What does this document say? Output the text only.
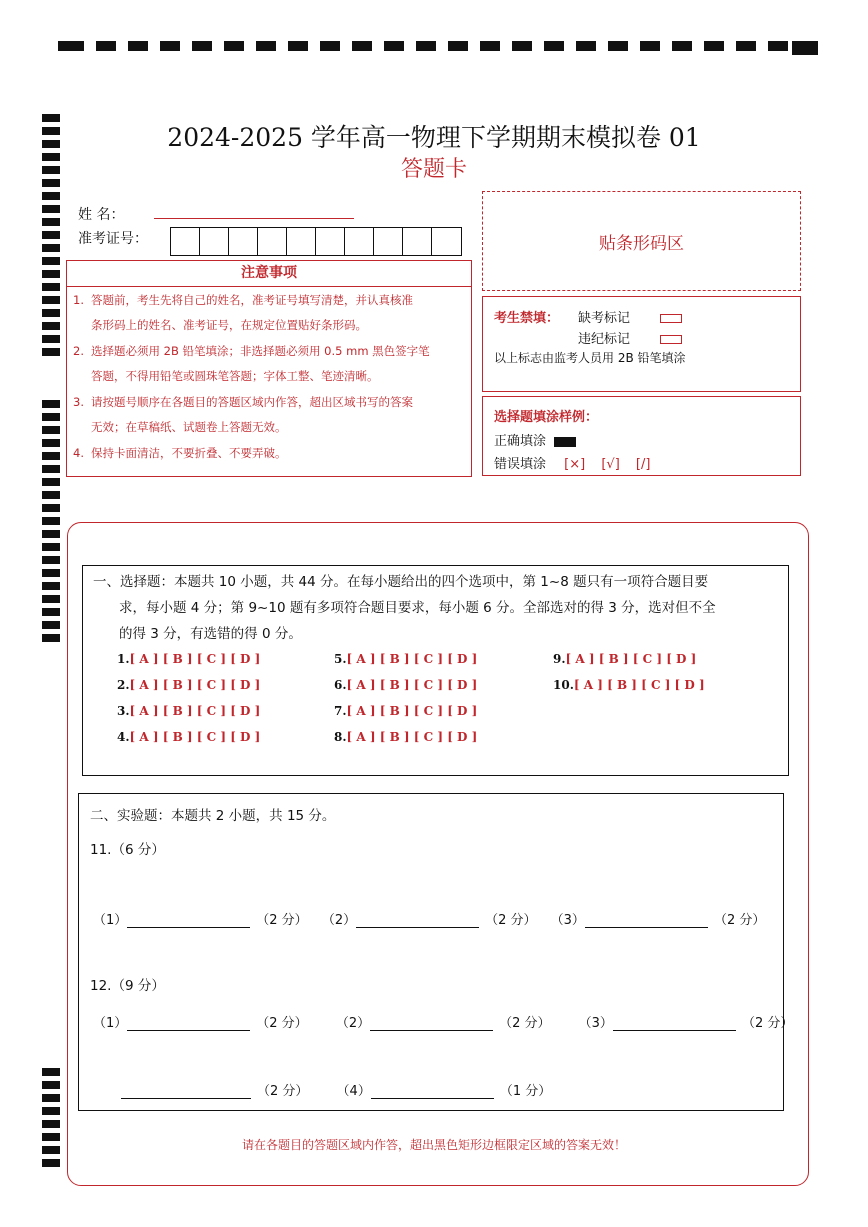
2024-2025 学年高一物理下学期期末模拟卷 01
答题卡
姓 名：
准考证号：	贴条形码区
注意事项
1. 答题前，考生先将自己的姓名，准考证号填写清楚，并认真核准
条形码上的姓名、准考证号，在规定位置贴好条形码。
2. 选择题必须用 2B 铅笔填涂；非选择题必须用 0.5 mm 黑色签字笔
答题，不得用铅笔或圆珠笔答题；字体工整、笔迹清晰。
3. 请按题号顺序在各题目的答题区域内作答，超出区域书写的答案
无效；在草稿纸、试题卷上答题无效。
4. 保持卡面清洁，不要折叠、不要弄破。
考生禁填： 缺考标记
违纪标记
以上标志由监考人员用 2B 铅笔填涂
选择题填涂样例：
正确填涂
错误填涂 [×] [√] [/]
一、选择题：本题共 10 小题，共 44 分。在每小题给出的四个选项中，第 1~8 题只有一项符合题目要
求，每小题 4 分；第 9~10 题有多项符合题目要求，每小题 6 分。全部选对的得 3 分，选对但不全
的得 3 分，有选错的得 0 分。
1.[ A ] [ B ] [ C ] [ D ]
2.[ A ] [ B ] [ C ] [ D ]
3.[ A ] [ B ] [ C ] [ D ]
4.[ A ] [ B ] [ C ] [ D ]
5.[ A ] [ B ] [ C ] [ D ]
6.[ A ] [ B ] [ C ] [ D ]
7.[ A ] [ B ] [ C ] [ D ]
8.[ A ] [ B ] [ C ] [ D ]
9.[ A ] [ B ] [ C ] [ D ]
10.[ A ] [ B ] [ C ] [ D ]
二、实验题：本题共 2 小题，共 15 分。
11.（6 分）
（1）	（2 分） （2）	（2 分） （3）	（2 分）
12.（9 分）
（1）	（2 分） （2）	（2 分） （3）	（2 分）
（2 分） （4）	（1 分）
请在各题目的答题区域内作答，超出黑色矩形边框限定区域的答案无效！
